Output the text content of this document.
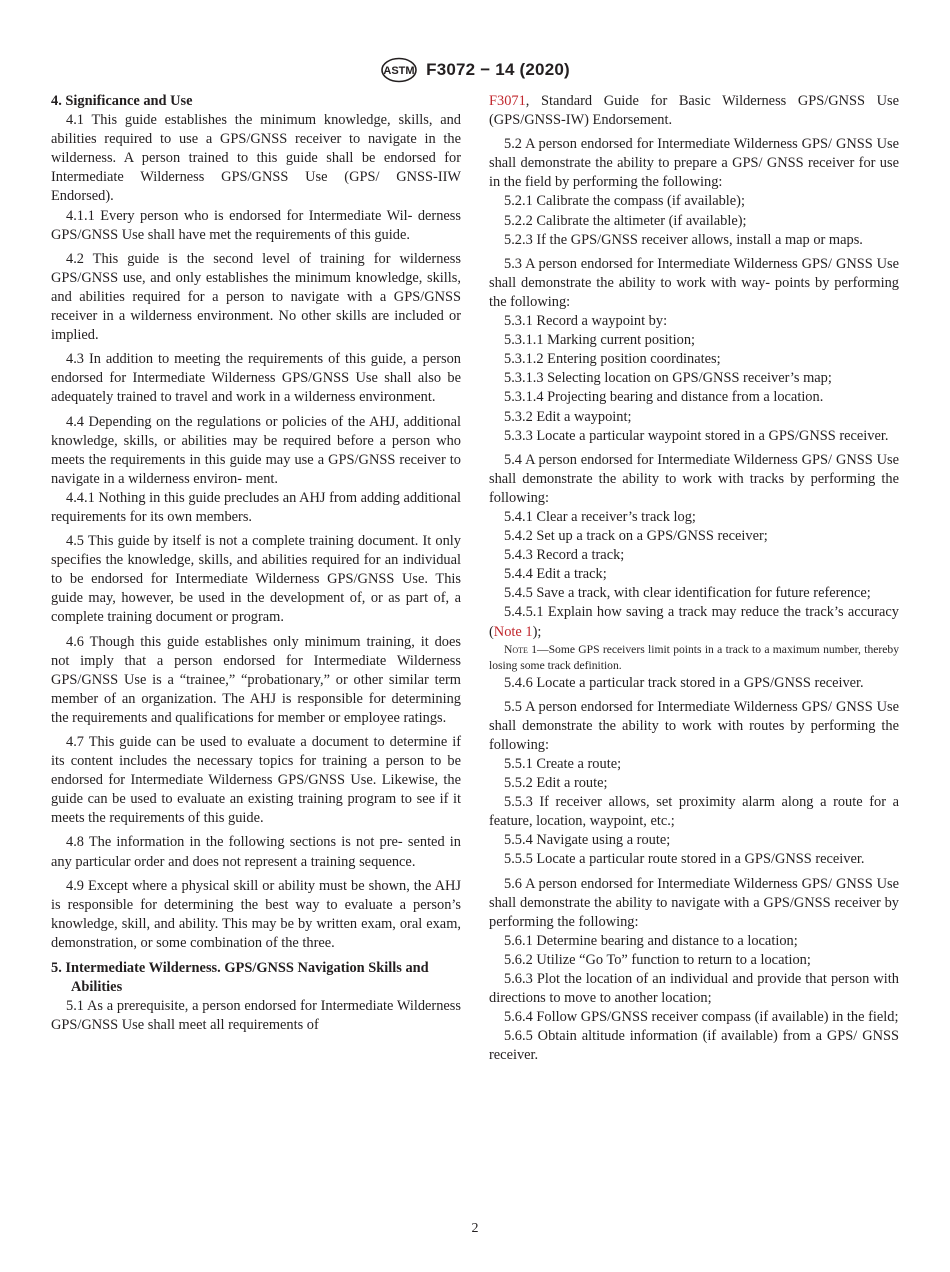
ASTM F3072 − 14 (2020)
4. Significance and Use

4.1 This guide establishes the minimum knowledge, skills, and abilities required to use a GPS/GNSS receiver to navigate in the wilderness. A person trained to this guide shall be endorsed for Intermediate Wilderness GPS/GNSS Use (GPS/ GNSS-IIW Endorsed).

4.1.1 Every person who is endorsed for Intermediate Wil- derness GPS/GNSS Use shall have met the requirements of this guide.

4.2 This guide is the second level of training for wilderness GPS/GNSS use, and only establishes the minimum knowledge, skills, and abilities required for a person to navigate with a GPS/GNSS receiver in a wilderness environment. No other skills are included or implied.

4.3 In addition to meeting the requirements of this guide, a person endorsed for Intermediate Wilderness GPS/GNSS Use shall also be adequately trained to travel and work in a wilderness environment.

4.4 Depending on the regulations or policies of the AHJ, additional knowledge, skills, or abilities may be required before a person who meets the requirements in this guide may use a GPS/GNSS receiver to navigate in a wilderness environ- ment.

4.4.1 Nothing in this guide precludes an AHJ from adding additional requirements for its own members.

4.5 This guide by itself is not a complete training document. It only specifies the knowledge, skills, and abilities required for an individual to be endorsed for Intermediate Wilderness GPS/GNSS Use. This guide may, however, be used in the development of, or as part of, a complete training document or program.

4.6 Though this guide establishes only minimum training, it does not imply that a person endorsed for Intermediate Wilderness GPS/GNSS Use is a “trainee,” “probationary,” or other similar term member of an organization. The AHJ is responsible for determining the requirements and qualifications for member or employee ratings.

4.7 This guide can be used to evaluate a document to determine if its content includes the necessary topics for training a person to be endorsed for Intermediate Wilderness GPS/GNSS Use. Likewise, the guide can be used to evaluate an existing training program to see if it meets the requirements of this guide.

4.8 The information in the following sections is not pre- sented in any particular order and does not represent a training sequence.

4.9 Except where a physical skill or ability must be shown, the AHJ is responsible for determining the best way to evaluate a person’s knowledge, skill, and ability. This may be by written exam, oral exam, demonstration, or some combination of the three.

5. Intermediate Wilderness. GPS/GNSS Navigation Skills and Abilities

5.1 As a prerequisite, a person endorsed for Intermediate Wilderness GPS/GNSS Use shall meet all requirements of

F3071, Standard Guide for Basic Wilderness GPS/GNSS Use (GPS/GNSS-IW) Endorsement.

5.2 A person endorsed for Intermediate Wilderness GPS/ GNSS Use shall demonstrate the ability to prepare a GPS/ GNSS receiver for use in the field by performing the following:

5.2.1 Calibrate the compass (if available);

5.2.2 Calibrate the altimeter (if available);

5.2.3 If the GPS/GNSS receiver allows, install a map or maps.

5.3 A person endorsed for Intermediate Wilderness GPS/ GNSS Use shall demonstrate the ability to work with way- points by performing the following:

5.3.1 Record a waypoint by:

5.3.1.1 Marking current position;

5.3.1.2 Entering position coordinates;

5.3.1.3 Selecting location on GPS/GNSS receiver’s map;

5.3.1.4 Projecting bearing and distance from a location.

5.3.2 Edit a waypoint;

5.3.3 Locate a particular waypoint stored in a GPS/GNSS receiver.

5.4 A person endorsed for Intermediate Wilderness GPS/ GNSS Use shall demonstrate the ability to work with tracks by performing the following:

5.4.1 Clear a receiver’s track log;

5.4.2 Set up a track on a GPS/GNSS receiver;

5.4.3 Record a track;

5.4.4 Edit a track;

5.4.5 Save a track, with clear identification for future reference;

5.4.5.1 Explain how saving a track may reduce the track’s accuracy (Note 1);

Note 1—Some GPS receivers limit points in a track to a maximum number, thereby losing some track definition.

5.4.6 Locate a particular track stored in a GPS/GNSS receiver.

5.5 A person endorsed for Intermediate Wilderness GPS/ GNSS Use shall demonstrate the ability to work with routes by performing the following:

5.5.1 Create a route;

5.5.2 Edit a route;

5.5.3 If receiver allows, set proximity alarm along a route for a feature, location, waypoint, etc.;

5.5.4 Navigate using a route;

5.5.5 Locate a particular route stored in a GPS/GNSS receiver.

5.6 A person endorsed for Intermediate Wilderness GPS/ GNSS Use shall demonstrate the ability to navigate with a GPS/GNSS receiver by performing the following:

5.6.1 Determine bearing and distance to a location;

5.6.2 Utilize “Go To” function to return to a location;

5.6.3 Plot the location of an individual and provide that person with directions to move to another location;

5.6.4 Follow GPS/GNSS receiver compass (if available) in the field;

5.6.5 Obtain altitude information (if available) from a GPS/ GNSS receiver.

2
